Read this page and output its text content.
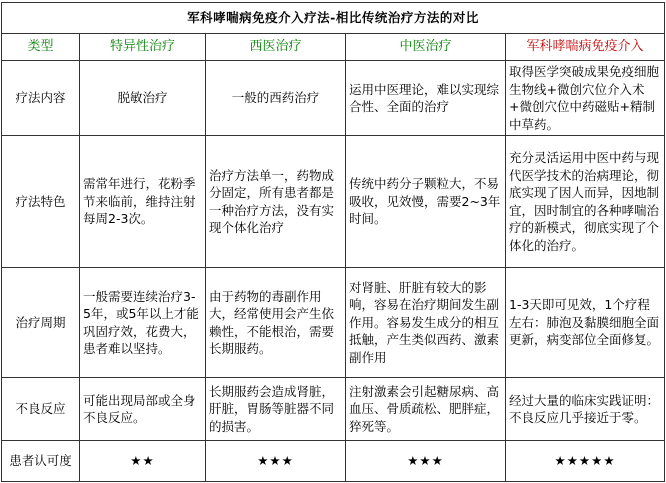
军科哮喘病免疫介入疗法-相比传统治疗方法的对比				
类型	特异性治疗	西医治疗	中医治疗	军科哮喘病免疫介入
疗法内容	脱敏治疗	一般的西药治疗	运用中医理论，难以实现综合性、全面的治疗	取得医学突破成果免疫细胞生物线+微创穴位介入术+微创穴位中药磁贴+精制中草药。
疗法特色	需常年进行，花粉季节来临前，维持注射每周2-3次。	治疗方法单一，药物成分固定，所有患者都是一种治疗方法，没有实现个体化治疗	传统中药分子颗粒大，不易吸收，见效慢，需要2~3年时间。	充分灵活运用中医中药与现代医学技术的治病理论，彻底实现了因人而异，因地制宜，因时制宜的各种哮喘治疗的新模式，彻底实现了个体化的治疗。
治疗周期	一般需要连续治疗3-5年，或5年以上才能巩固疗效，花费大，患者难以坚持。	由于药物的毒副作用大，经常使用会产生依赖性，不能根治，需要长期服药。	对肾脏、肝脏有较大的影响，容易在治疗期间发生副作用。容易发生成分的相互抵触，产生类似西药、激素副作用	1-3天即可见效，1个疗程左右：肺泡及黏膜细胞全面更新，病变部位全面修复。
不良反应	可能出现局部或全身不良反应。	长期服药会造成肾脏，肝脏，胃肠等脏器不同的损害。	注射激素会引起糖尿病、高血压、骨质疏松、肥胖症，猝死等。	经过大量的临床实践证明：不良反应几乎接近于零。
患者认可度	★★	★★★	★★★	★★★★★
